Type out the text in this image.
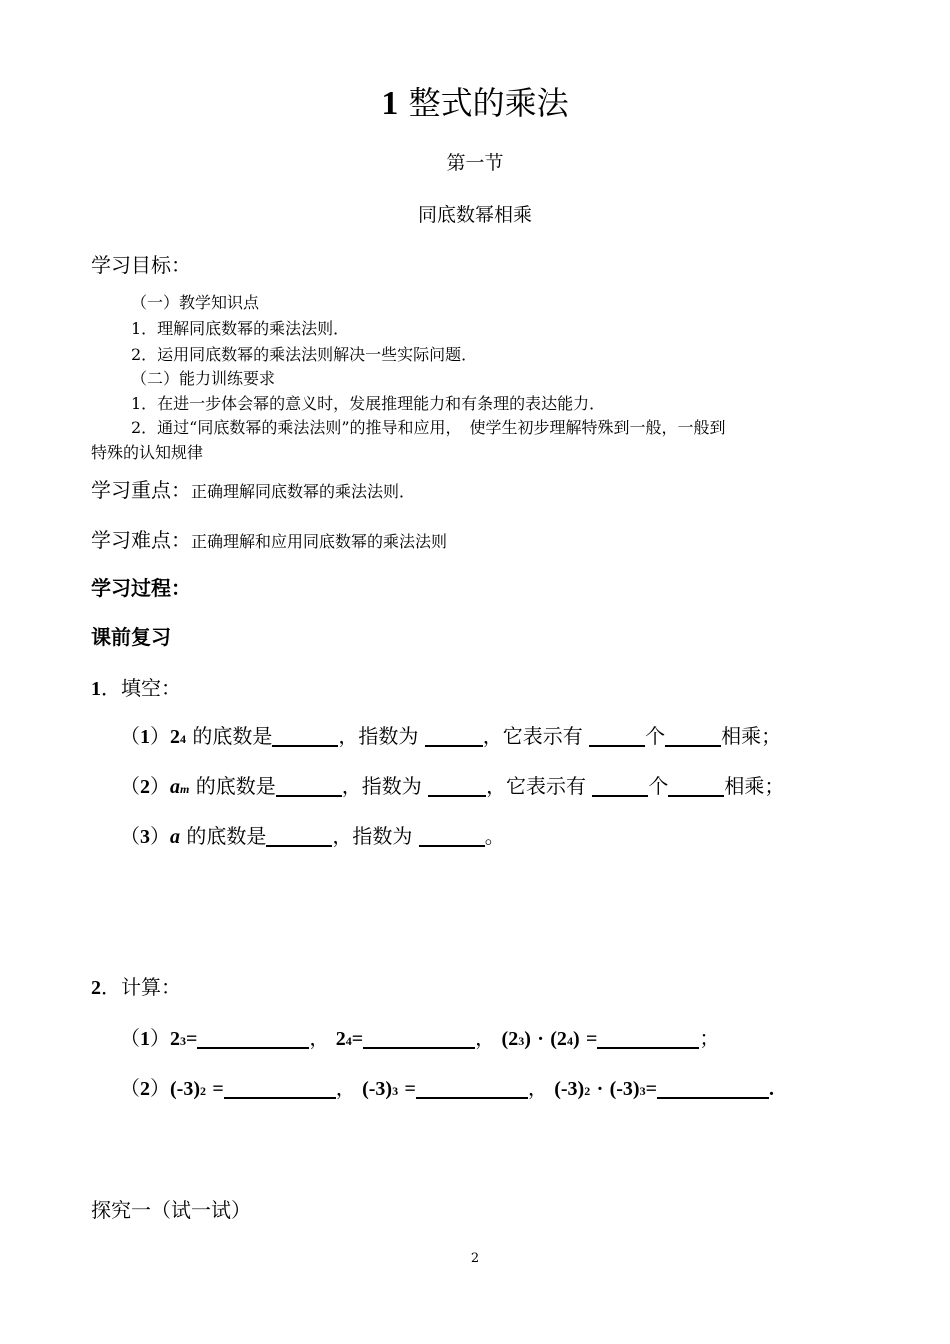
1 整式的乘法
第一节
同底数幂相乘
学习目标：
（一）教学知识点
1．理解同底数幂的乘法法则．
2．运用同底数幂的乘法法则解决一些实际问题．
（二）能力训练要求
1．在进一步体会幂的意义时，发展推理能力和有条理的表达能力．
2．通过“同底数幂的乘法法则”的推导和应用，　使学生初步理解特殊到一般，一般到
特殊的认知规律
学习重点：正确理解同底数幂的乘法法则．
学习难点：正确理解和应用同底数幂的乘法法则
学习过程：
课前复习
1．填空：
（1）24 的底数是	，指数为	，它表示有	个	相乘；
（2）am 的底数是	，指数为	，它表示有	个	相乘；
（3）a 的底数是	，指数为	。
2．计算：
（1）23=	， 24=	， (23) · (24) =	；
（2）(-3)2 =	， (-3)3 =	， (-3)2 · (-3)3=	.
探究一（试一试）
2
